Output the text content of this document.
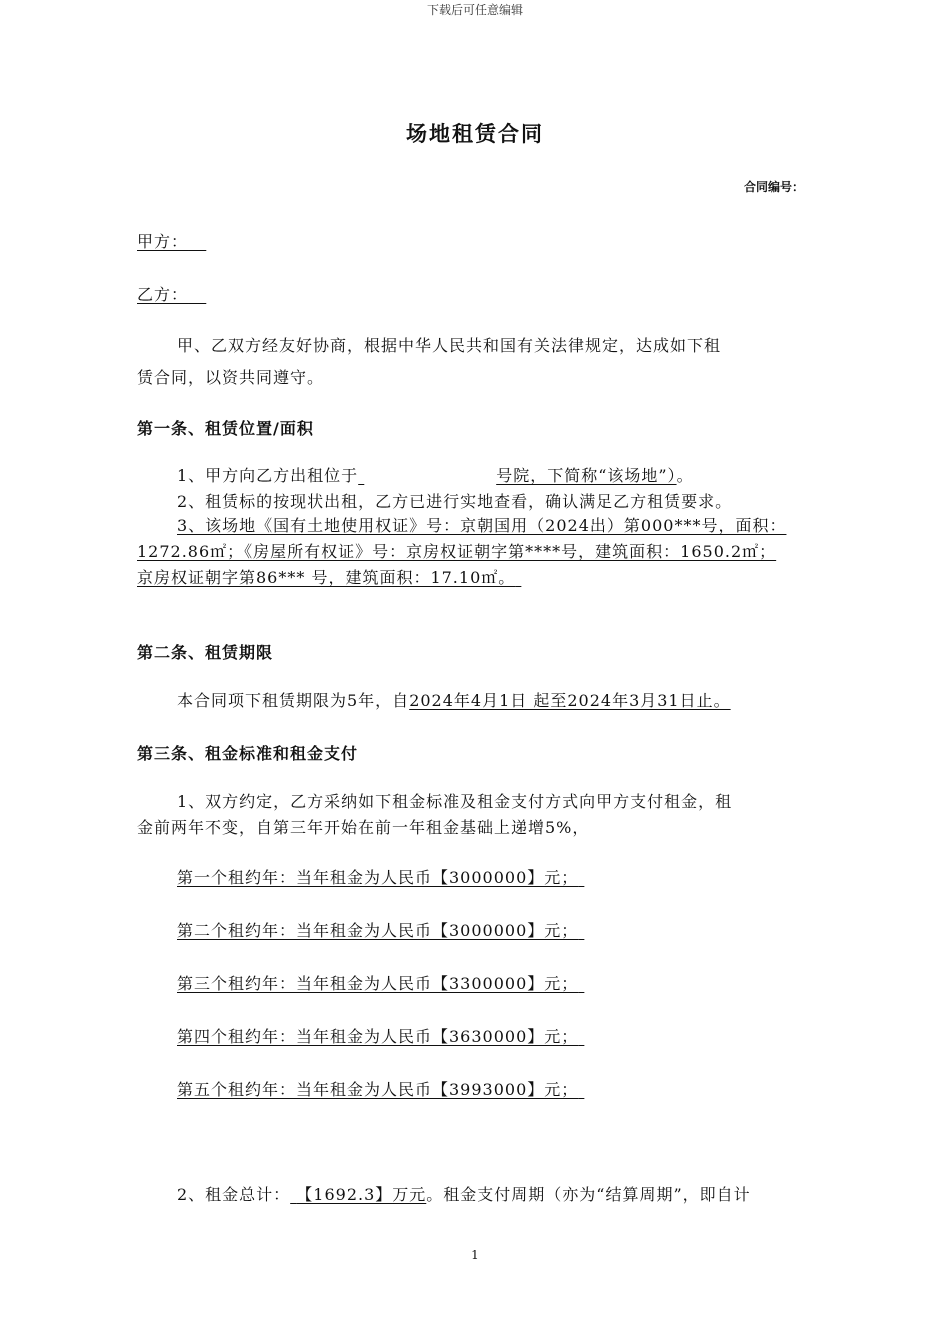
下载后可任意编辑
场地租赁合同
合同编号：
甲方：
乙方：
甲、乙双方经友好协商，根据中华人民共和国有关法律规定，达成如下租
赁合同，以资共同遵守。
第一条、租赁位置/面积
1、甲方向乙方出租位于	号院，下简称“该场地”）。
2、租赁标的按现状出租，乙方已进行实地查看，确认满足乙方租赁要求。
3、该场地《国有土地使用权证》号：京朝国用（2024出）第000***号，面积：
1272.86㎡；《房屋所有权证》号：京房权证朝字第****号，建筑面积：1650.2㎡；
京房权证朝字第86*** 号，建筑面积：17.10㎡。
第二条、租赁期限
本合同项下租赁期限为5年，自2024年4月1日 起至2024年3月31日止。
第三条、租金标准和租金支付
1、双方约定，乙方采纳如下租金标准及租金支付方式向甲方支付租金，租
金前两年不变，自第三年开始在前一年租金基础上递增5%，
第一个租约年：当年租金为人民币【3000000】元；
第二个租约年：当年租金为人民币【3000000】元；
第三个租约年：当年租金为人民币【3300000】元；
第四个租约年：当年租金为人民币【3630000】元；
第五个租约年：当年租金为人民币【3993000】元；
2、租金总计： 【1692.3】万元。租金支付周期（亦为“结算周期”，即自计
1
